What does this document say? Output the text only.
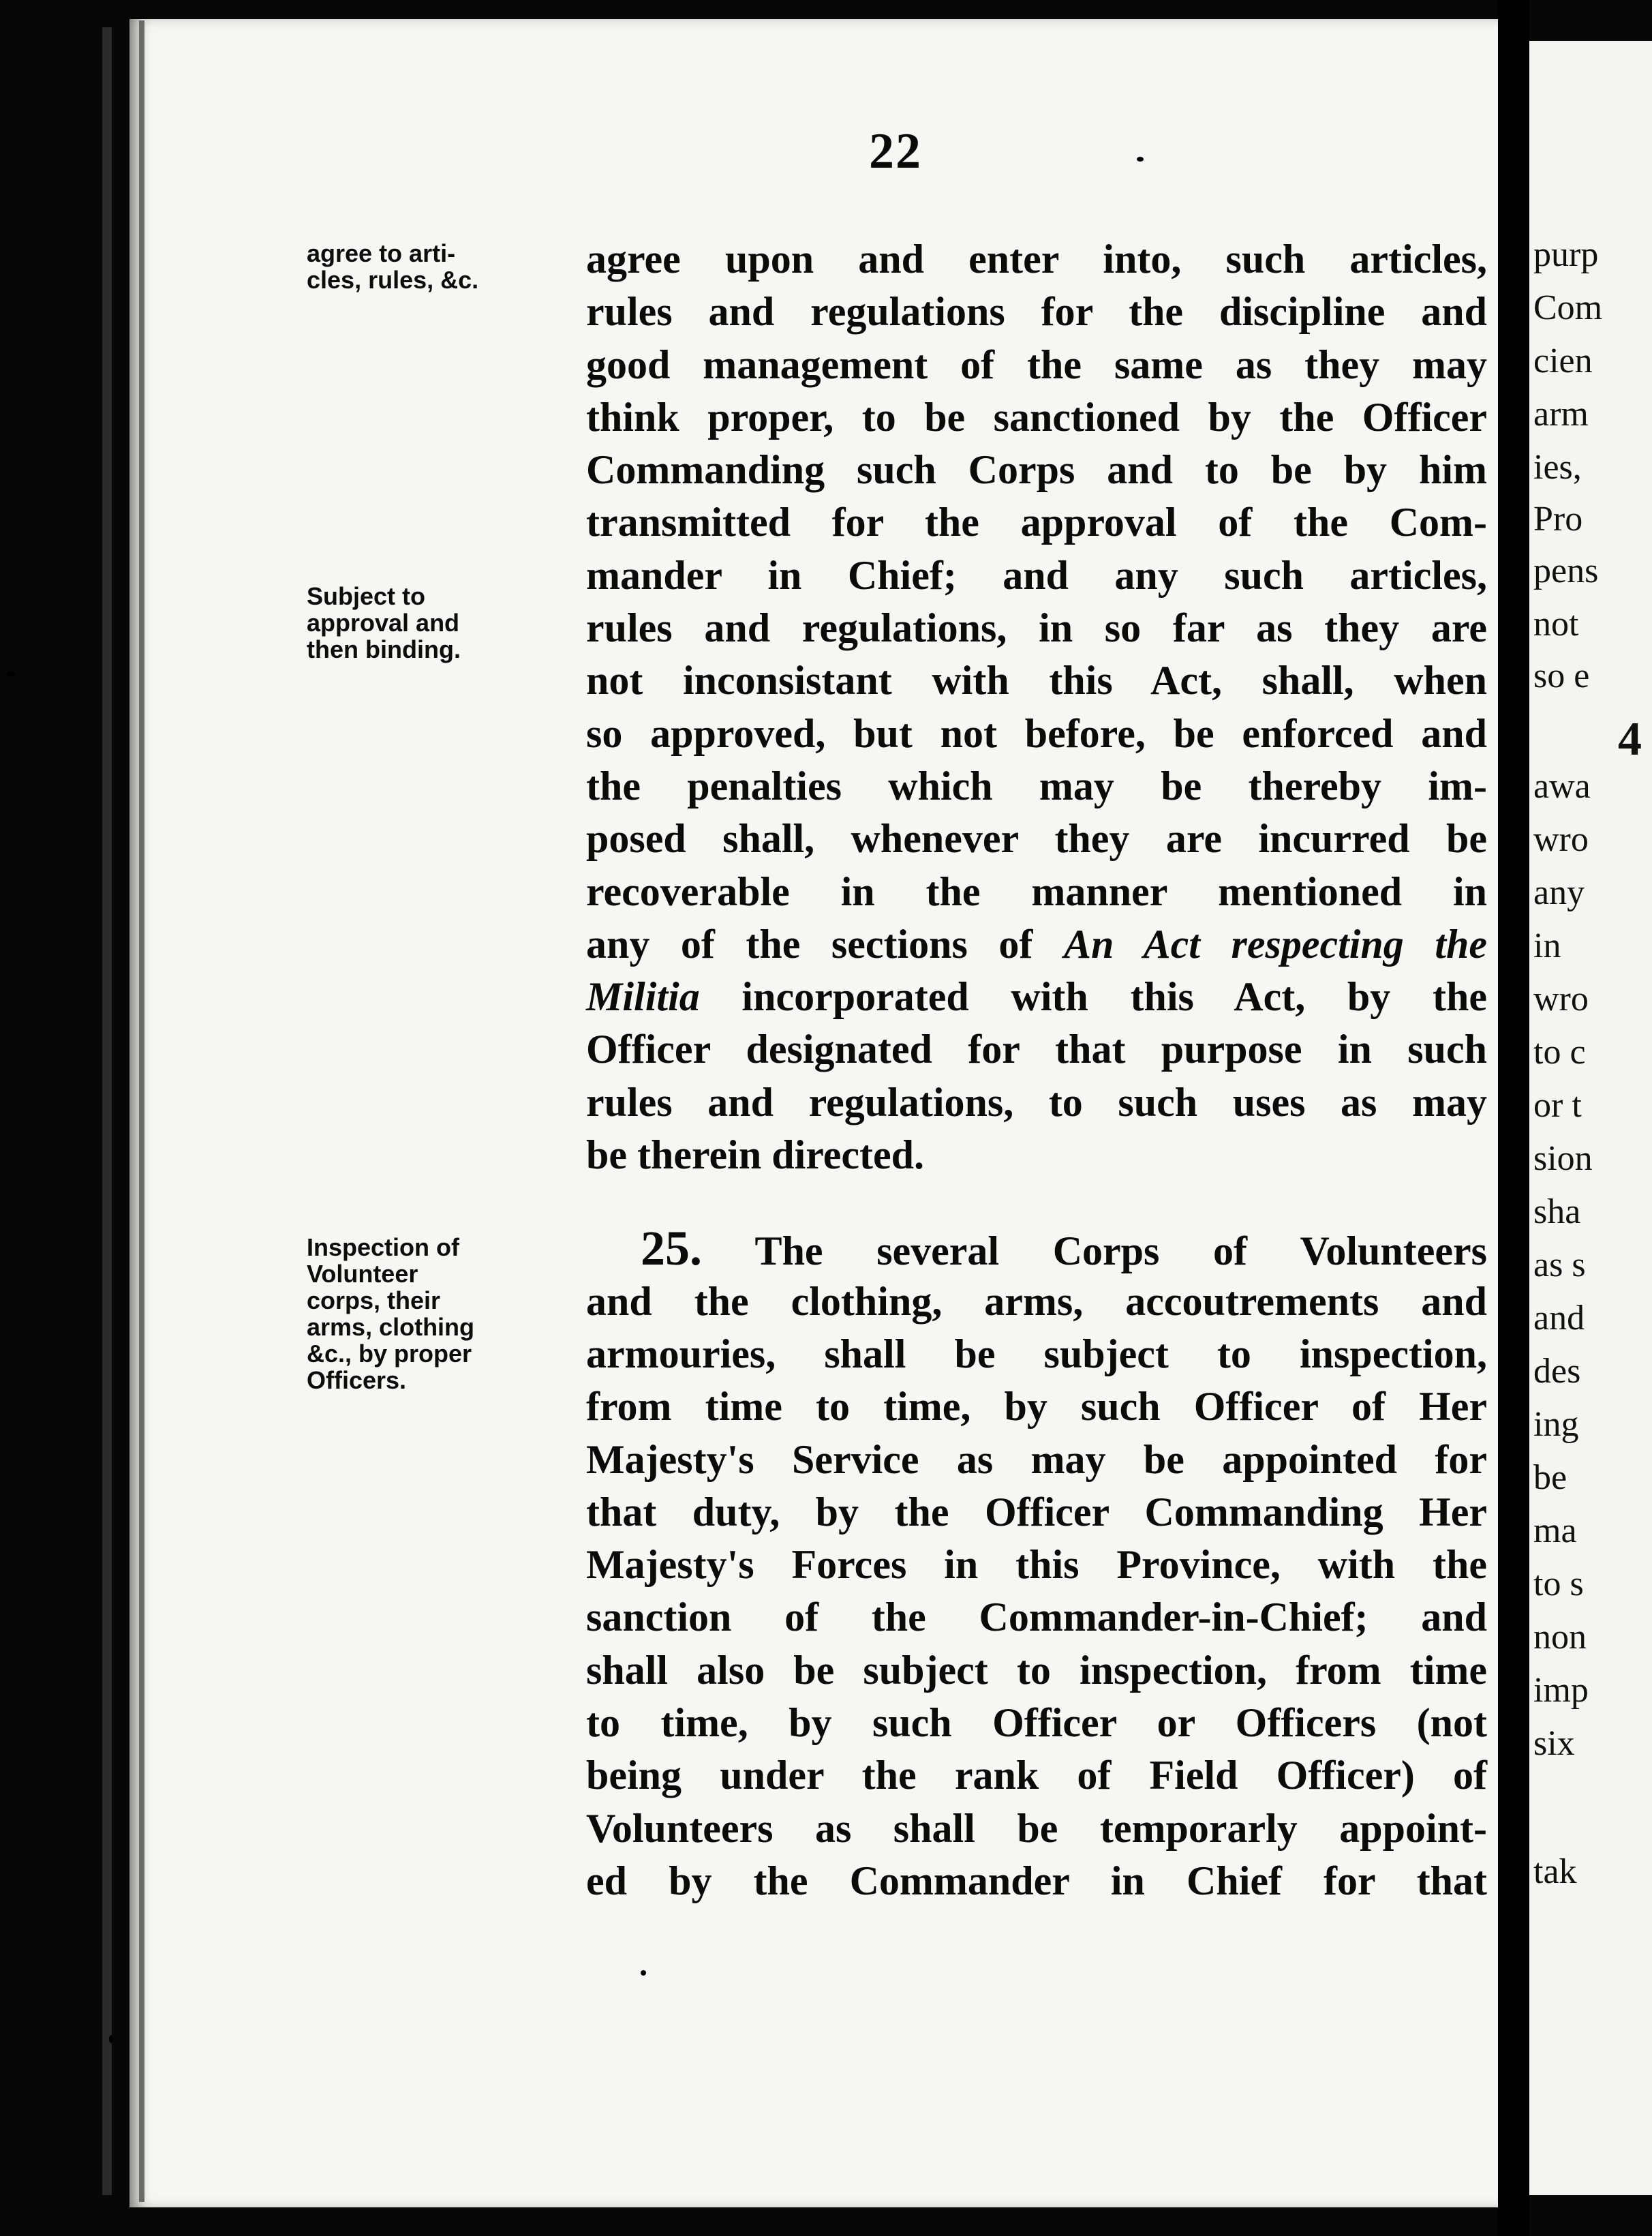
purp
Com
cien
arm
ies,
Pro
pens
not
so e
4
awa
wro
any
in
wro
to c
or t
sion
sha
as s
and
des
ing
be
ma
to s
non
imp
six
tak
22
agree to arti-
cles, rules, &c.
Subject to
approval and
then binding.
Inspection of
Volunteer
corps, their
arms, clothing
&c., by proper
Officers.
agree upon and enter into, such articles,
rules and regulations for the discipline and
good management of the same as they may
think proper, to be sanctioned by the Officer
Commanding such Corps and to be by him
transmitted for the approval of the Com-
mander in Chief; and any such articles,
rules and regulations, in so far as they are
not inconsistant with this Act, shall, when
so approved, but not before, be enforced and
the penalties which may be thereby im-
posed shall, whenever they are incurred be
recoverable in the manner mentioned in
any of the sections of An Act respecting the
Militia incorporated with this Act, by the
Officer designated for that purpose in such
rules and regulations, to such uses as may
be therein directed.
25. The several Corps of Volunteers
and the clothing, arms, accoutrements and
armouries, shall be subject to inspection,
from time to time, by such Officer of Her
Majesty's Service as may be appointed for
that duty, by the Officer Commanding Her
Majesty's Forces in this Province, with the
sanction of the Commander-in-Chief; and
shall also be subject to inspection, from time
to time, by such Officer or Officers (not
being under the rank of Field Officer) of
Volunteers as shall be temporarly appoint-
ed by the Commander in Chief for that
